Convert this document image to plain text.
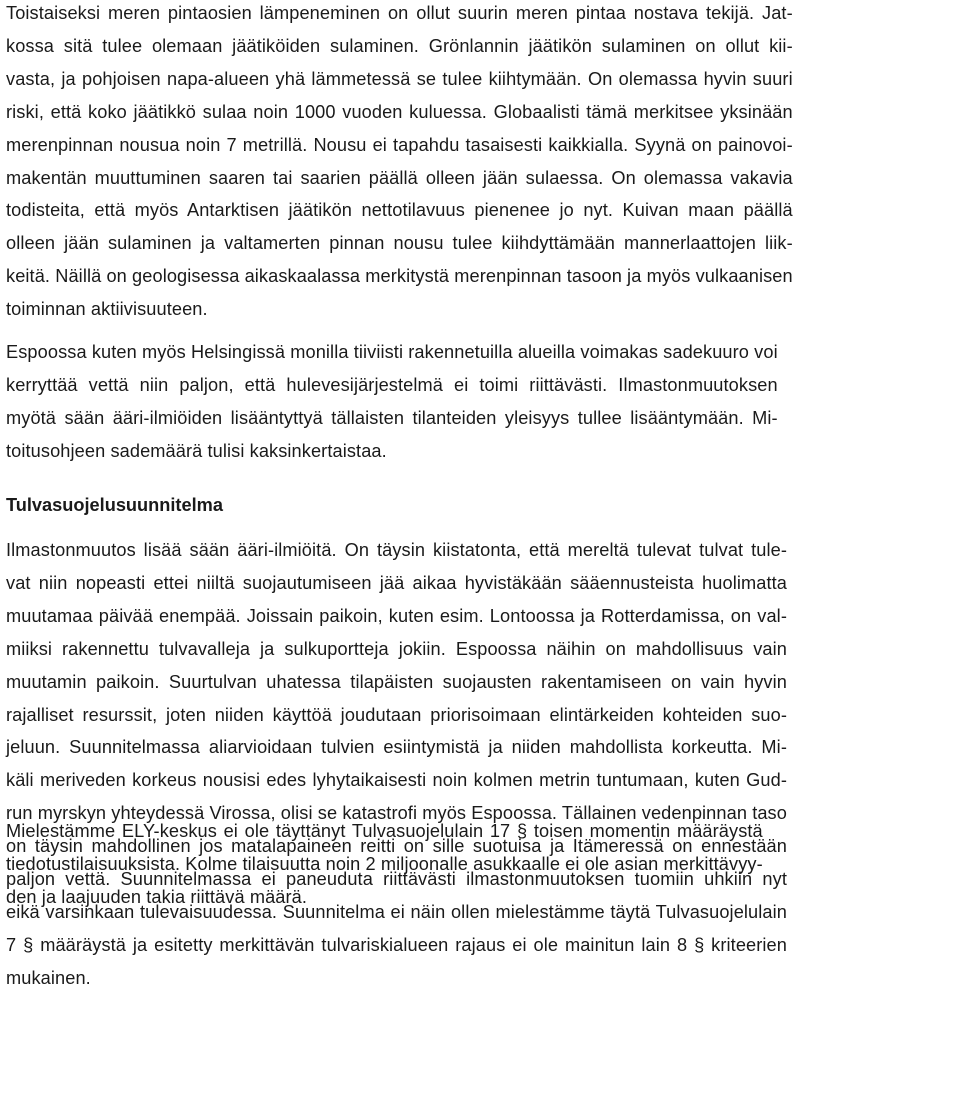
Toistaiseksi meren pintaosien lämpeneminen on ollut suurin meren pintaa nostava tekijä. Jat-
kossa sitä tulee olemaan jäätiköiden sulaminen. Grönlannin jäätikön sulaminen on ollut kii-
vasta, ja pohjoisen napa-alueen yhä lämmetessä se tulee kiihtymään. On olemassa hyvin suuri
riski, että koko jäätikkö sulaa noin 1000 vuoden kuluessa. Globaalisti tämä merkitsee yksinään
merenpinnan nousua noin 7 metrillä. Nousu ei tapahdu tasaisesti kaikkialla. Syynä on painovoi-
makentän muuttuminen saaren tai saarien päällä olleen jään sulaessa. On olemassa vakavia
todisteita, että myös Antarktisen jäätikön nettotilavuus pienenee jo nyt. Kuivan maan päällä
olleen jään sulaminen ja valtamerten pinnan nousu tulee kiihdyttämään mannerlaattojen liik-
keitä. Näillä on geologisessa aikaskaalassa merkitystä merenpinnan tasoon ja myös vulkaanisen
toiminnan aktiivisuuteen.
Espoossa kuten myös Helsingissä monilla tiiviisti rakennetuilla alueilla voimakas sadekuuro voi
kerryttää vettä niin paljon, että hulevesijärjestelmä ei toimi riittävästi. Ilmastonmuutoksen
myötä sään ääri-ilmiöiden lisääntyttyä tällaisten tilanteiden yleisyys tullee lisääntymään. Mi-
toitusohjeen sademäärä tulisi kaksinkertaistaa.
Tulvasuojelusuunnitelma
Ilmastonmuutos lisää sään ääri-ilmiöitä. On täysin kiistatonta, että mereltä tulevat tulvat tule-
vat niin nopeasti ettei niiltä suojautumiseen jää aikaa hyvistäkään sääennusteista huolimatta
muutamaa päivää enempää. Joissain paikoin, kuten esim. Lontoossa ja Rotterdamissa, on val-
miiksi rakennettu tulvavalleja ja sulkuportteja jokiin. Espoossa näihin on mahdollisuus vain
muutamin paikoin. Suurtulvan uhatessa tilapäisten suojausten rakentamiseen on vain hyvin
rajalliset resurssit, joten niiden käyttöä joudutaan priorisoimaan elintärkeiden kohteiden suo-
jeluun. Suunnitelmassa aliarvioidaan tulvien esiintymistä ja niiden mahdollista korkeutta. Mi-
käli meriveden korkeus nousisi edes lyhytaikaisesti noin kolmen metrin tuntumaan, kuten Gud-
run myrskyn yhteydessä Virossa, olisi se katastrofi myös Espoossa. Tällainen vedenpinnan taso
on täysin mahdollinen jos matalapaineen reitti on sille suotuisa ja Itämeressä on ennestään
paljon vettä. Suunnitelmassa ei paneuduta riittävästi ilmastonmuutoksen tuomiin uhkiin nyt
eikä varsinkaan tulevaisuudessa. Suunnitelma ei näin ollen mielestämme täytä Tulvasuojelulain
7 § määräystä ja esitetty merkittävän tulvariskialueen rajaus ei ole mainitun lain 8 § kriteerien
mukainen.
Mielestämme ELY-keskus ei ole täyttänyt Tulvasuojelulain 17 § toisen momentin määräystä
tiedotustilaisuuksista. Kolme tilaisuutta noin 2 miljoonalle asukkaalle ei ole asian merkittävyy-
den ja laajuuden takia riittävä määrä.
